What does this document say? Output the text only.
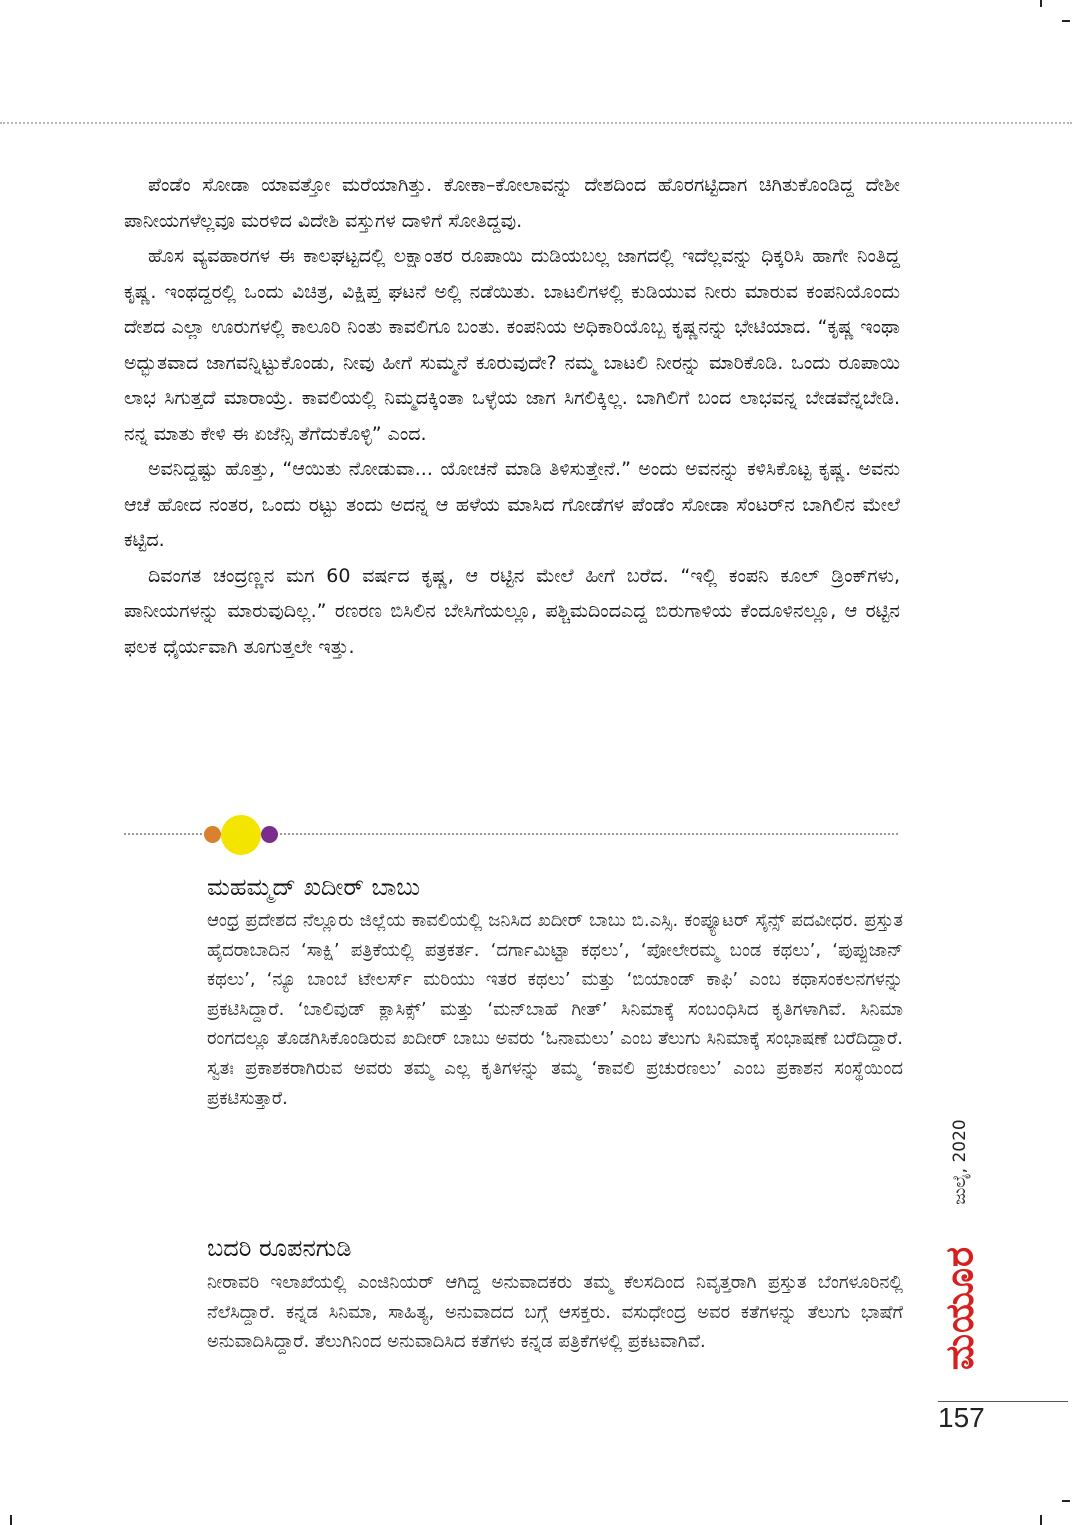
ಪೆಂಡೆಂ ಸೋಡಾ ಯಾವತ್ತೋ ಮರೆಯಾಗಿತ್ತು. ಕೋಕಾ–ಕೋಲಾವನ್ನು ದೇಶದಿಂದ ಹೊರಗಟ್ಟಿದಾಗ ಚಿಗಿತುಕೊಂಡಿದ್ದ ದೇಶೀ ಪಾನೀಯಗಳೆಲ್ಲವೂ ಮರಳಿದ ವಿದೇಶಿ ವಸ್ತುಗಳ ದಾಳಿಗೆ ಸೋತಿದ್ದವು.

ಹೊಸ ವ್ಯವಹಾರಗಳ ಈ ಕಾಲಘಟ್ಟದಲ್ಲಿ ಲಕ್ಷಾಂತರ ರೂಪಾಯಿ ದುಡಿಯಬಲ್ಲ ಜಾಗದಲ್ಲಿ ಇದೆಲ್ಲವನ್ನು ಧಿಕ್ಕರಿಸಿ ಹಾಗೇ ನಿಂತಿದ್ದ ಕೃಷ್ಣ. ಇಂಥದ್ದರಲ್ಲಿ ಒಂದು ವಿಚಿತ್ರ, ವಿಕ್ಷಿಪ್ತ ಘಟನೆ ಅಲ್ಲಿ ನಡೆಯಿತು. ಬಾಟಲಿಗಳಲ್ಲಿ ಕುಡಿಯುವ ನೀರು ಮಾರುವ ಕಂಪನಿಯೊಂದು ದೇಶದ ಎಲ್ಲಾ ಊರುಗಳಲ್ಲಿ ಕಾಲೂರಿ ನಿಂತು ಕಾವಲಿಗೂ ಬಂತು. ಕಂಪನಿಯ ಅಧಿಕಾರಿಯೊಬ್ಬ ಕೃಷ್ಣನನ್ನು ಭೇಟಿಯಾದ. “ಕೃಷ್ಣ ಇಂಥಾ ಅದ್ಭುತವಾದ ಜಾಗವನ್ನಿಟ್ಟುಕೊಂಡು, ನೀವು ಹೀಗೆ ಸುಮ್ಮನೆ ಕೂರುವುದೇ? ನಮ್ಮ ಬಾಟಲಿ ನೀರನ್ನು ಮಾರಿಕೊಡಿ. ಒಂದು ರೂಪಾಯಿ ಲಾಭ ಸಿಗುತ್ತದೆ ಮಾರಾಯ್ರೆ. ಕಾವಲಿಯಲ್ಲಿ ನಿಮ್ಮದಕ್ಕಿಂತಾ ಒಳ್ಳೆಯ ಜಾಗ ಸಿಗಲಿಕ್ಕಿಲ್ಲ. ಬಾಗಿಲಿಗೆ ಬಂದ ಲಾಭವನ್ನ ಬೇಡವೆನ್ನಬೇಡಿ. ನನ್ನ ಮಾತು ಕೇಳಿ ಈ ಏಜೆನ್ಸಿ ತೆಗೆದುಕೊಳ್ಳಿ” ಎಂದ.

ಅವನಿದ್ದಷ್ಟು ಹೊತ್ತು, “ಆಯಿತು ನೋಡುವಾ... ಯೋಚನೆ ಮಾಡಿ ತಿಳಿಸುತ್ತೇನೆ.” ಅಂದು ಅವನನ್ನು ಕಳಿಸಿಕೊಟ್ಟ ಕೃಷ್ಣ. ಅವನು ಆಚೆ ಹೋದ ನಂತರ, ಒಂದು ರಟ್ಟು ತಂದು ಅದನ್ನ ಆ ಹಳೆಯ ಮಾಸಿದ ಗೋಡೆಗಳ ಪೆಂಡೆಂ ಸೋಡಾ ಸೆಂಟರ್‌ನ ಬಾಗಿಲಿನ ಮೇಲೆ ಕಟ್ಟಿದ.

ದಿವಂಗತ ಚಂದ್ರಣ್ಣನ ಮಗ 60 ವರ್ಷದ ಕೃಷ್ಣ, ಆ ರಟ್ಟಿನ ಮೇಲೆ ಹೀಗೆ ಬರೆದ. “ಇಲ್ಲಿ ಕಂಪನಿ ಕೂಲ್ ಡ್ರಿಂಕ್‌ಗಳು, ಪಾನೀಯಗಳನ್ನು ಮಾರುವುದಿಲ್ಲ.” ರಣರಣ ಬಿಸಿಲಿನ ಬೇಸಿಗೆಯಲ್ಲೂ, ಪಶ್ಚಿಮದಿಂದಎದ್ದ ಬಿರುಗಾಳಿಯ ಕೆಂದೂಳಿನಲ್ಲೂ, ಆ ರಟ್ಟಿನ ಫಲಕ ಧೈರ್ಯವಾಗಿ ತೂಗುತ್ತಲೇ ಇತ್ತು.

ಮಹಮ್ಮದ್ ಖದೀರ್ ಬಾಬು

ಆಂಧ್ರ ಪ್ರದೇಶದ ನೆಲ್ಲೂರು ಜಿಲ್ಲೆಯ ಕಾವಲಿಯಲ್ಲಿ ಜನಿಸಿದ ಖದೀರ್ ಬಾಬು ಬಿ.ಎಸ್ಸಿ. ಕಂಪ್ಯೂಟರ್ ಸೈನ್ಸ್ ಪದವೀಧರ. ಪ್ರಸ್ತುತ ಹೈದರಾಬಾದಿನ ‘ಸಾಕ್ಷಿ’ ಪತ್ರಿಕೆಯಲ್ಲಿ ಪತ್ರಕರ್ತ. ‘ದರ್ಗಾಮಿಟ್ಟಾ ಕಥಲು’, ‘ಪೋಲೇರಮ್ಮ ಬಂಡ ಕಥಲು’, ‘ಪುಪ್ಪುಜಾನ್ ಕಥಲು’, ‘ನ್ಯೂ ಬಾಂಬೆ ಟೇಲರ್ಸ್ ಮರಿಯು ಇತರ ಕಥಲು’ ಮತ್ತು ‘ಬಿಯಾಂಡ್ ಕಾಫಿ’ ಎಂಬ ಕಥಾಸಂಕಲನಗಳನ್ನು ಪ್ರಕಟಿಸಿದ್ದಾರೆ. ‘ಬಾಲಿವುಡ್ ಕ್ಲಾಸಿಕ್ಸ್’ ಮತ್ತು ‘ಮನ್‌ಬಾಹೆ ಗೀತ್’ ಸಿನಿಮಾಕ್ಕೆ ಸಂಬಂಧಿಸಿದ ಕೃತಿಗಳಾಗಿವೆ. ಸಿನಿಮಾ ರಂಗದಲ್ಲೂ ತೊಡಗಿಸಿಕೊಂಡಿರುವ ಖದೀರ್ ಬಾಬು ಅವರು ‘ಓನಾಮಲು’ ಎಂಬ ತೆಲುಗು ಸಿನಿಮಾಕ್ಕೆ ಸಂಭಾಷಣೆ ಬರೆದಿದ್ದಾರೆ. ಸ್ವತಃ ಪ್ರಕಾಶಕರಾಗಿರುವ ಅವರು ತಮ್ಮ ಎಲ್ಲ ಕೃತಿಗಳನ್ನು ತಮ್ಮ ‘ಕಾವಲಿ ಪ್ರಚುರಣಲು’ ಎಂಬ ಪ್ರಕಾಶನ ಸಂಸ್ಥೆಯಿಂದ ಪ್ರಕಟಿಸುತ್ತಾರೆ.

ಬದರಿ ರೂಪನಗುಡಿ

ನೀರಾವರಿ ಇಲಾಖೆಯಲ್ಲಿ ಎಂಜಿನಿಯರ್ ಆಗಿದ್ದ ಅನುವಾದಕರು ತಮ್ಮ ಕೆಲಸದಿಂದ ನಿವೃತ್ತರಾಗಿ ಪ್ರಸ್ತುತ ಬೆಂಗಳೂರಿನಲ್ಲಿ ನೆಲೆಸಿದ್ದಾರೆ. ಕನ್ನಡ ಸಿನಿಮಾ, ಸಾಹಿತ್ಯ, ಅನುವಾದದ ಬಗ್ಗೆ ಆಸಕ್ತರು. ವಸುಧೇಂದ್ರ ಅವರ ಕತೆಗಳನ್ನು ತೆಲುಗು ಭಾಷೆಗೆ ಅನುವಾದಿಸಿದ್ದಾರೆ. ತೆಲುಗಿನಿಂದ ಅನುವಾದಿಸಿದ ಕತೆಗಳು ಕನ್ನಡ ಪತ್ರಿಕೆಗಳಲ್ಲಿ ಪ್ರಕಟವಾಗಿವೆ.

ಜುಲೈ, 2020
ಮಯೂರ
157
